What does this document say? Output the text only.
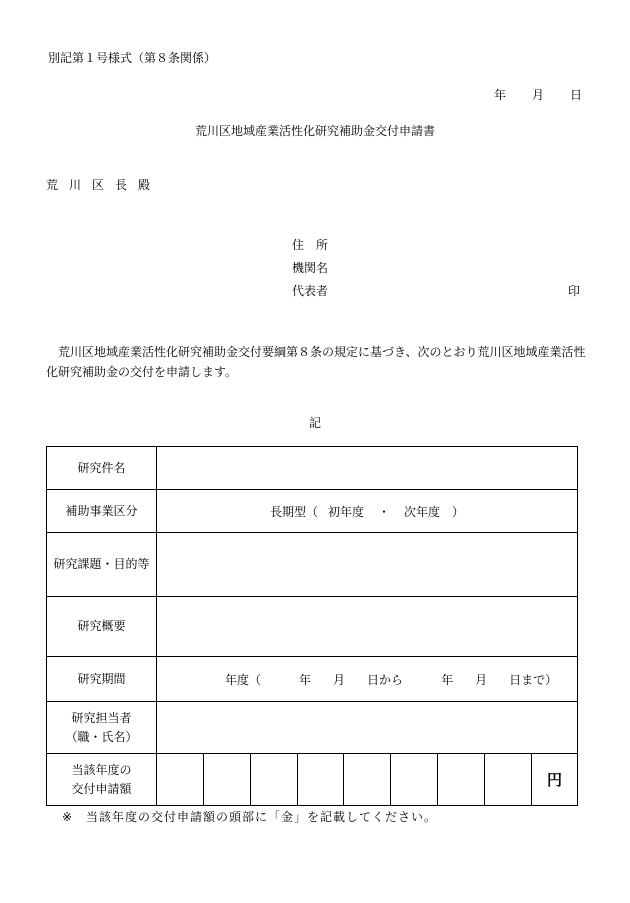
別記第１号様式（第８条関係）
年 月 日
荒川区地域産業活性化研究補助金交付申請書
荒川区長殿
住　所
機関名
代表者	印
荒川区地域産業活性化研究補助金交付要綱第８条の規定に基づき、次のとおり荒川区地域産業活性化研究補助金の交付を申請します。
記
研究件名									
補助事業区分	長期型（ 初年度 ・ 次年度 ）								
研究課題・目的等									
研究概要									
研究期間	年度（ 年 月 日から 年 月 日まで）								
研究担当者
（職・氏名）									
当該年度の
交付申請額									円
※　当該年度の交付申請額の頭部に「金」を記載してください。
